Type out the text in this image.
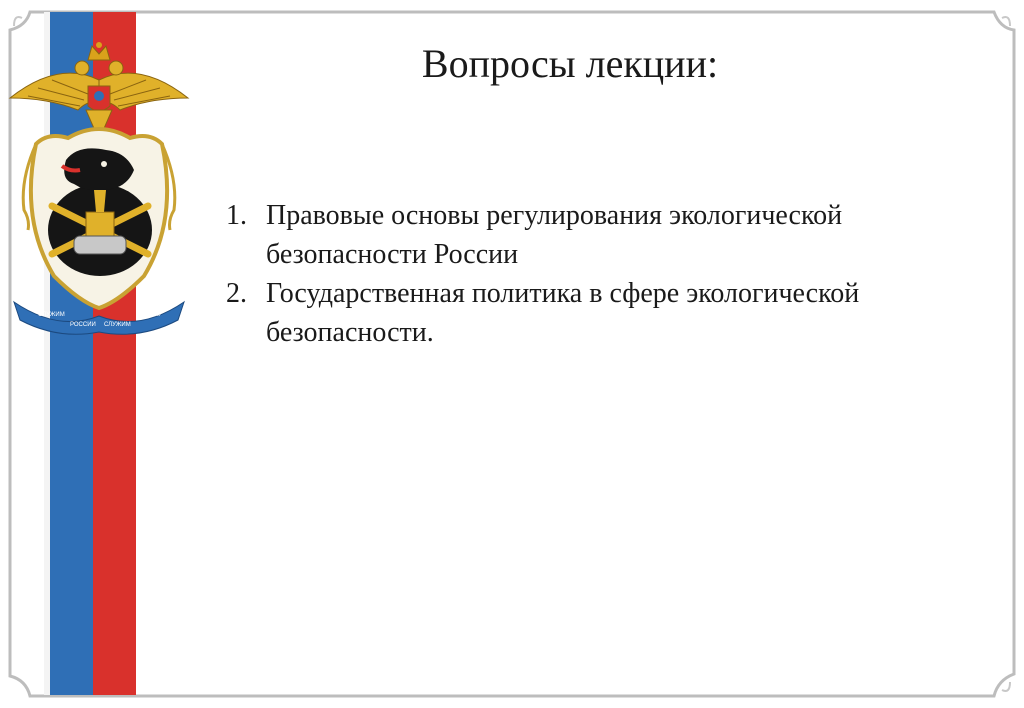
СЛУЖИМ
РОССИИ СЛУЖИМ
ЗАКОНУ
Вопросы лекции:
1. Правовые основы регулирования экологической безопасности России
2. Государственная политика в сфере экологической безопасности.
